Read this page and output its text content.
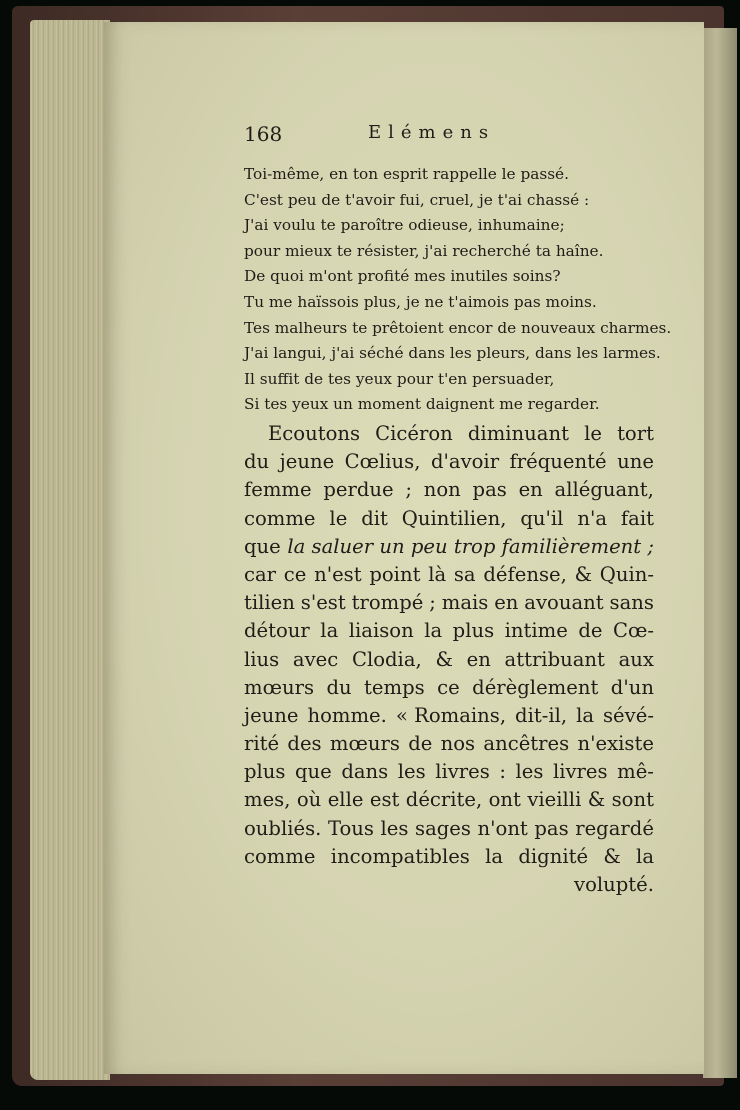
168	Elémens
Toi-même, en ton esprit rappelle le passé.
C'est peu de t'avoir fui, cruel, je t'ai chassé :
J'ai voulu te paroître odieuse, inhumaine;
pour mieux te résister, j'ai recherché ta haîne.
De quoi m'ont profité mes inutiles soins?
Tu me haïssois plus, je ne t'aimois pas moins.
Tes malheurs te prêtoient encor de nouveaux charmes.
J'ai langui, j'ai séché dans les pleurs, dans les larmes.
Il suffit de tes yeux pour t'en persuader,
Si tes yeux un moment daignent me regarder.
Ecoutons Cicéron diminuant le tort
du jeune Cœlius, d'avoir fréquenté une
femme perdue ; non pas en alléguant,
comme le dit Quintilien, qu'il n'a fait
que la saluer un peu trop familièrement ;
car ce n'est point là sa défense, & Quin-
tilien s'est trompé ; mais en avouant sans
détour la liaison la plus intime de Cœ-
lius avec Clodia, & en attribuant aux
mœurs du temps ce dérèglement d'un
jeune homme. « Romains, dit-il, la sévé-
rité des mœurs de nos ancêtres n'existe
plus que dans les livres : les livres mê-
mes, où elle est décrite, ont vieilli & sont
oubliés. Tous les sages n'ont pas regardé
comme incompatibles la dignité & la
volupté.
